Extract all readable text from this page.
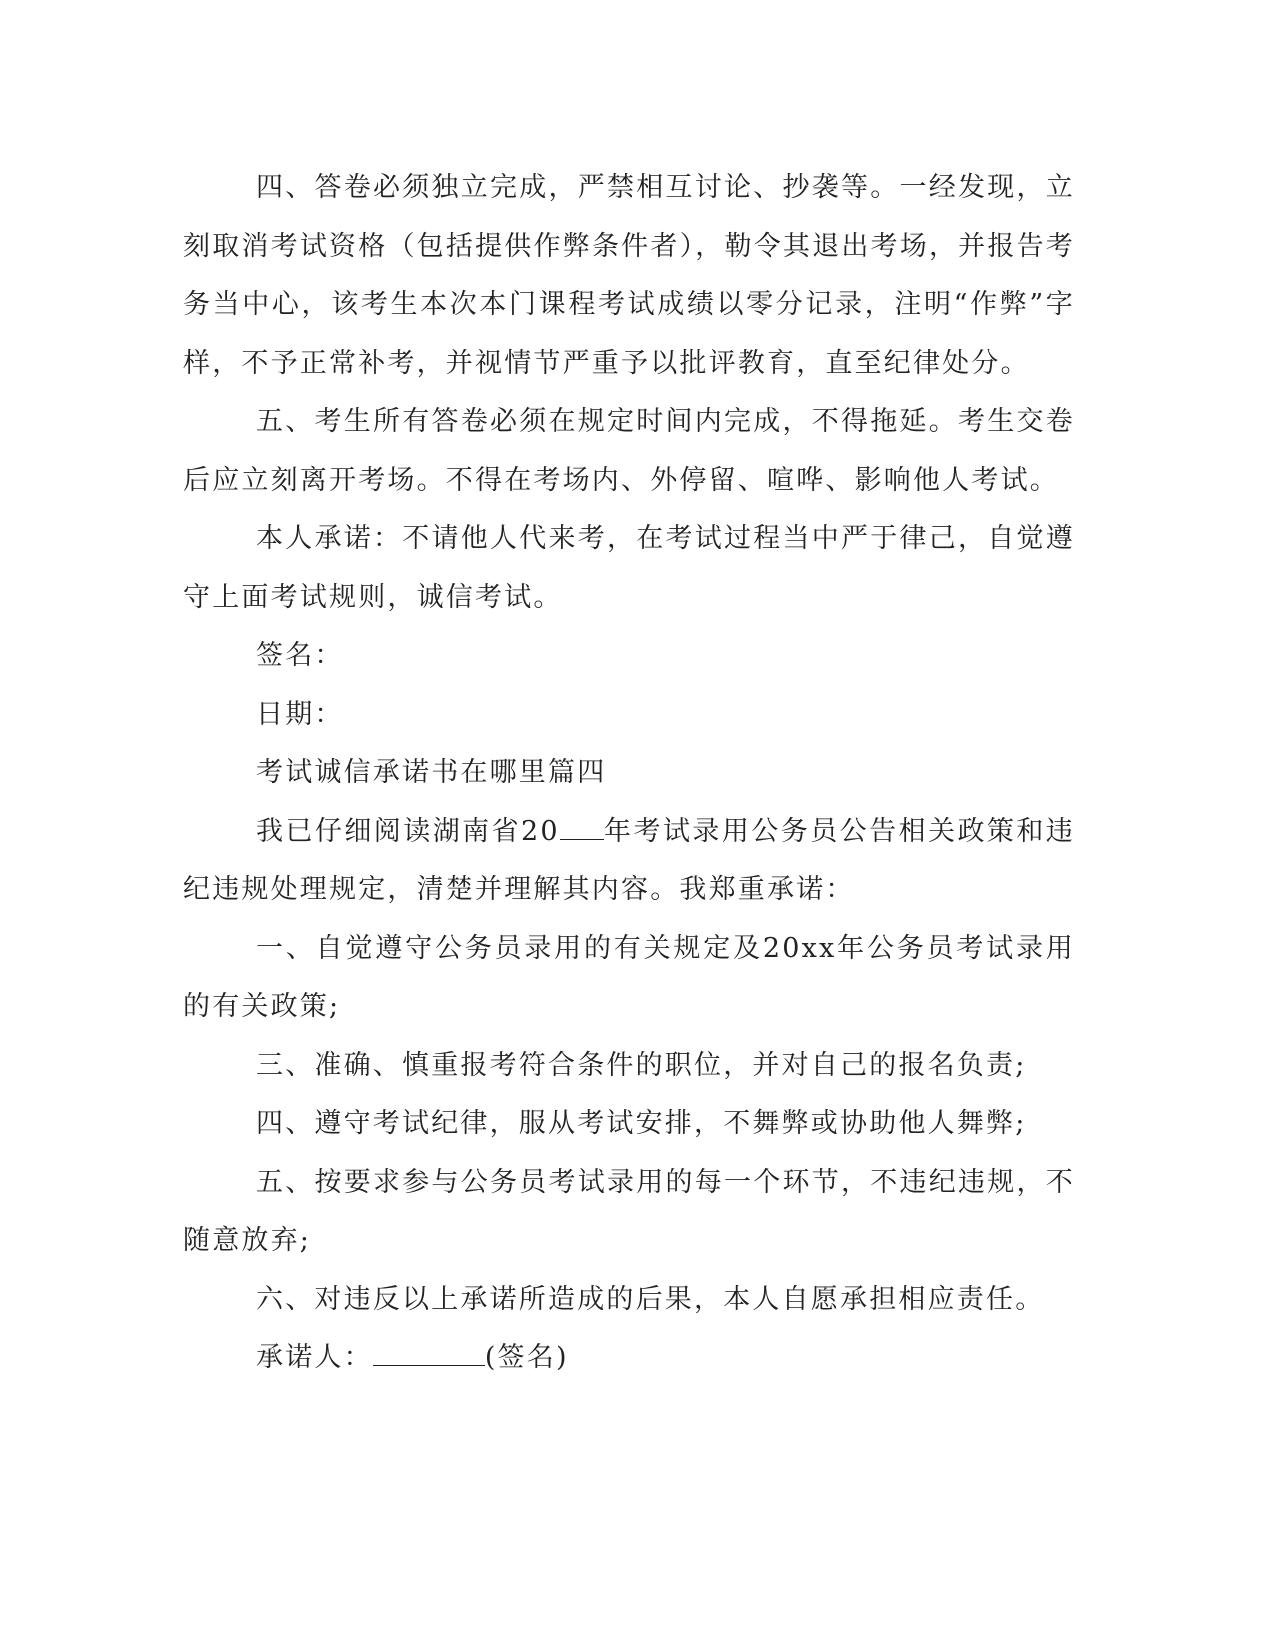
四、答卷必须独立完成，严禁相互讨论、抄袭等。一经发现，立刻取消考试资格（包括提供作弊条件者），勒令其退出考场，并报告考务当中心，该考生本次本门课程考试成绩以零分记录，注明“作弊”字样，不予正常补考，并视情节严重予以批评教育，直至纪律处分。

五、考生所有答卷必须在规定时间内完成，不得拖延。考生交卷后应立刻离开考场。不得在考场内、外停留、喧哗、影响他人考试。

本人承诺：不请他人代来考，在考试过程当中严于律己，自觉遵守上面考试规则，诚信考试。

签名：

日期：

考试诚信承诺书在哪里篇四

我已仔细阅读湖南省20 年考试录用公务员公告相关政策和违纪违规处理规定，清楚并理解其内容。我郑重承诺：

一、自觉遵守公务员录用的有关规定及20xx年公务员考试录用的有关政策;

三、准确、慎重报考符合条件的职位，并对自己的报名负责;

四、遵守考试纪律，服从考试安排，不舞弊或协助他人舞弊;

五、按要求参与公务员考试录用的每一个环节，不违纪违规，不随意放弃;

六、对违反以上承诺所造成的后果，本人自愿承担相应责任。

承诺人：	(签名)
